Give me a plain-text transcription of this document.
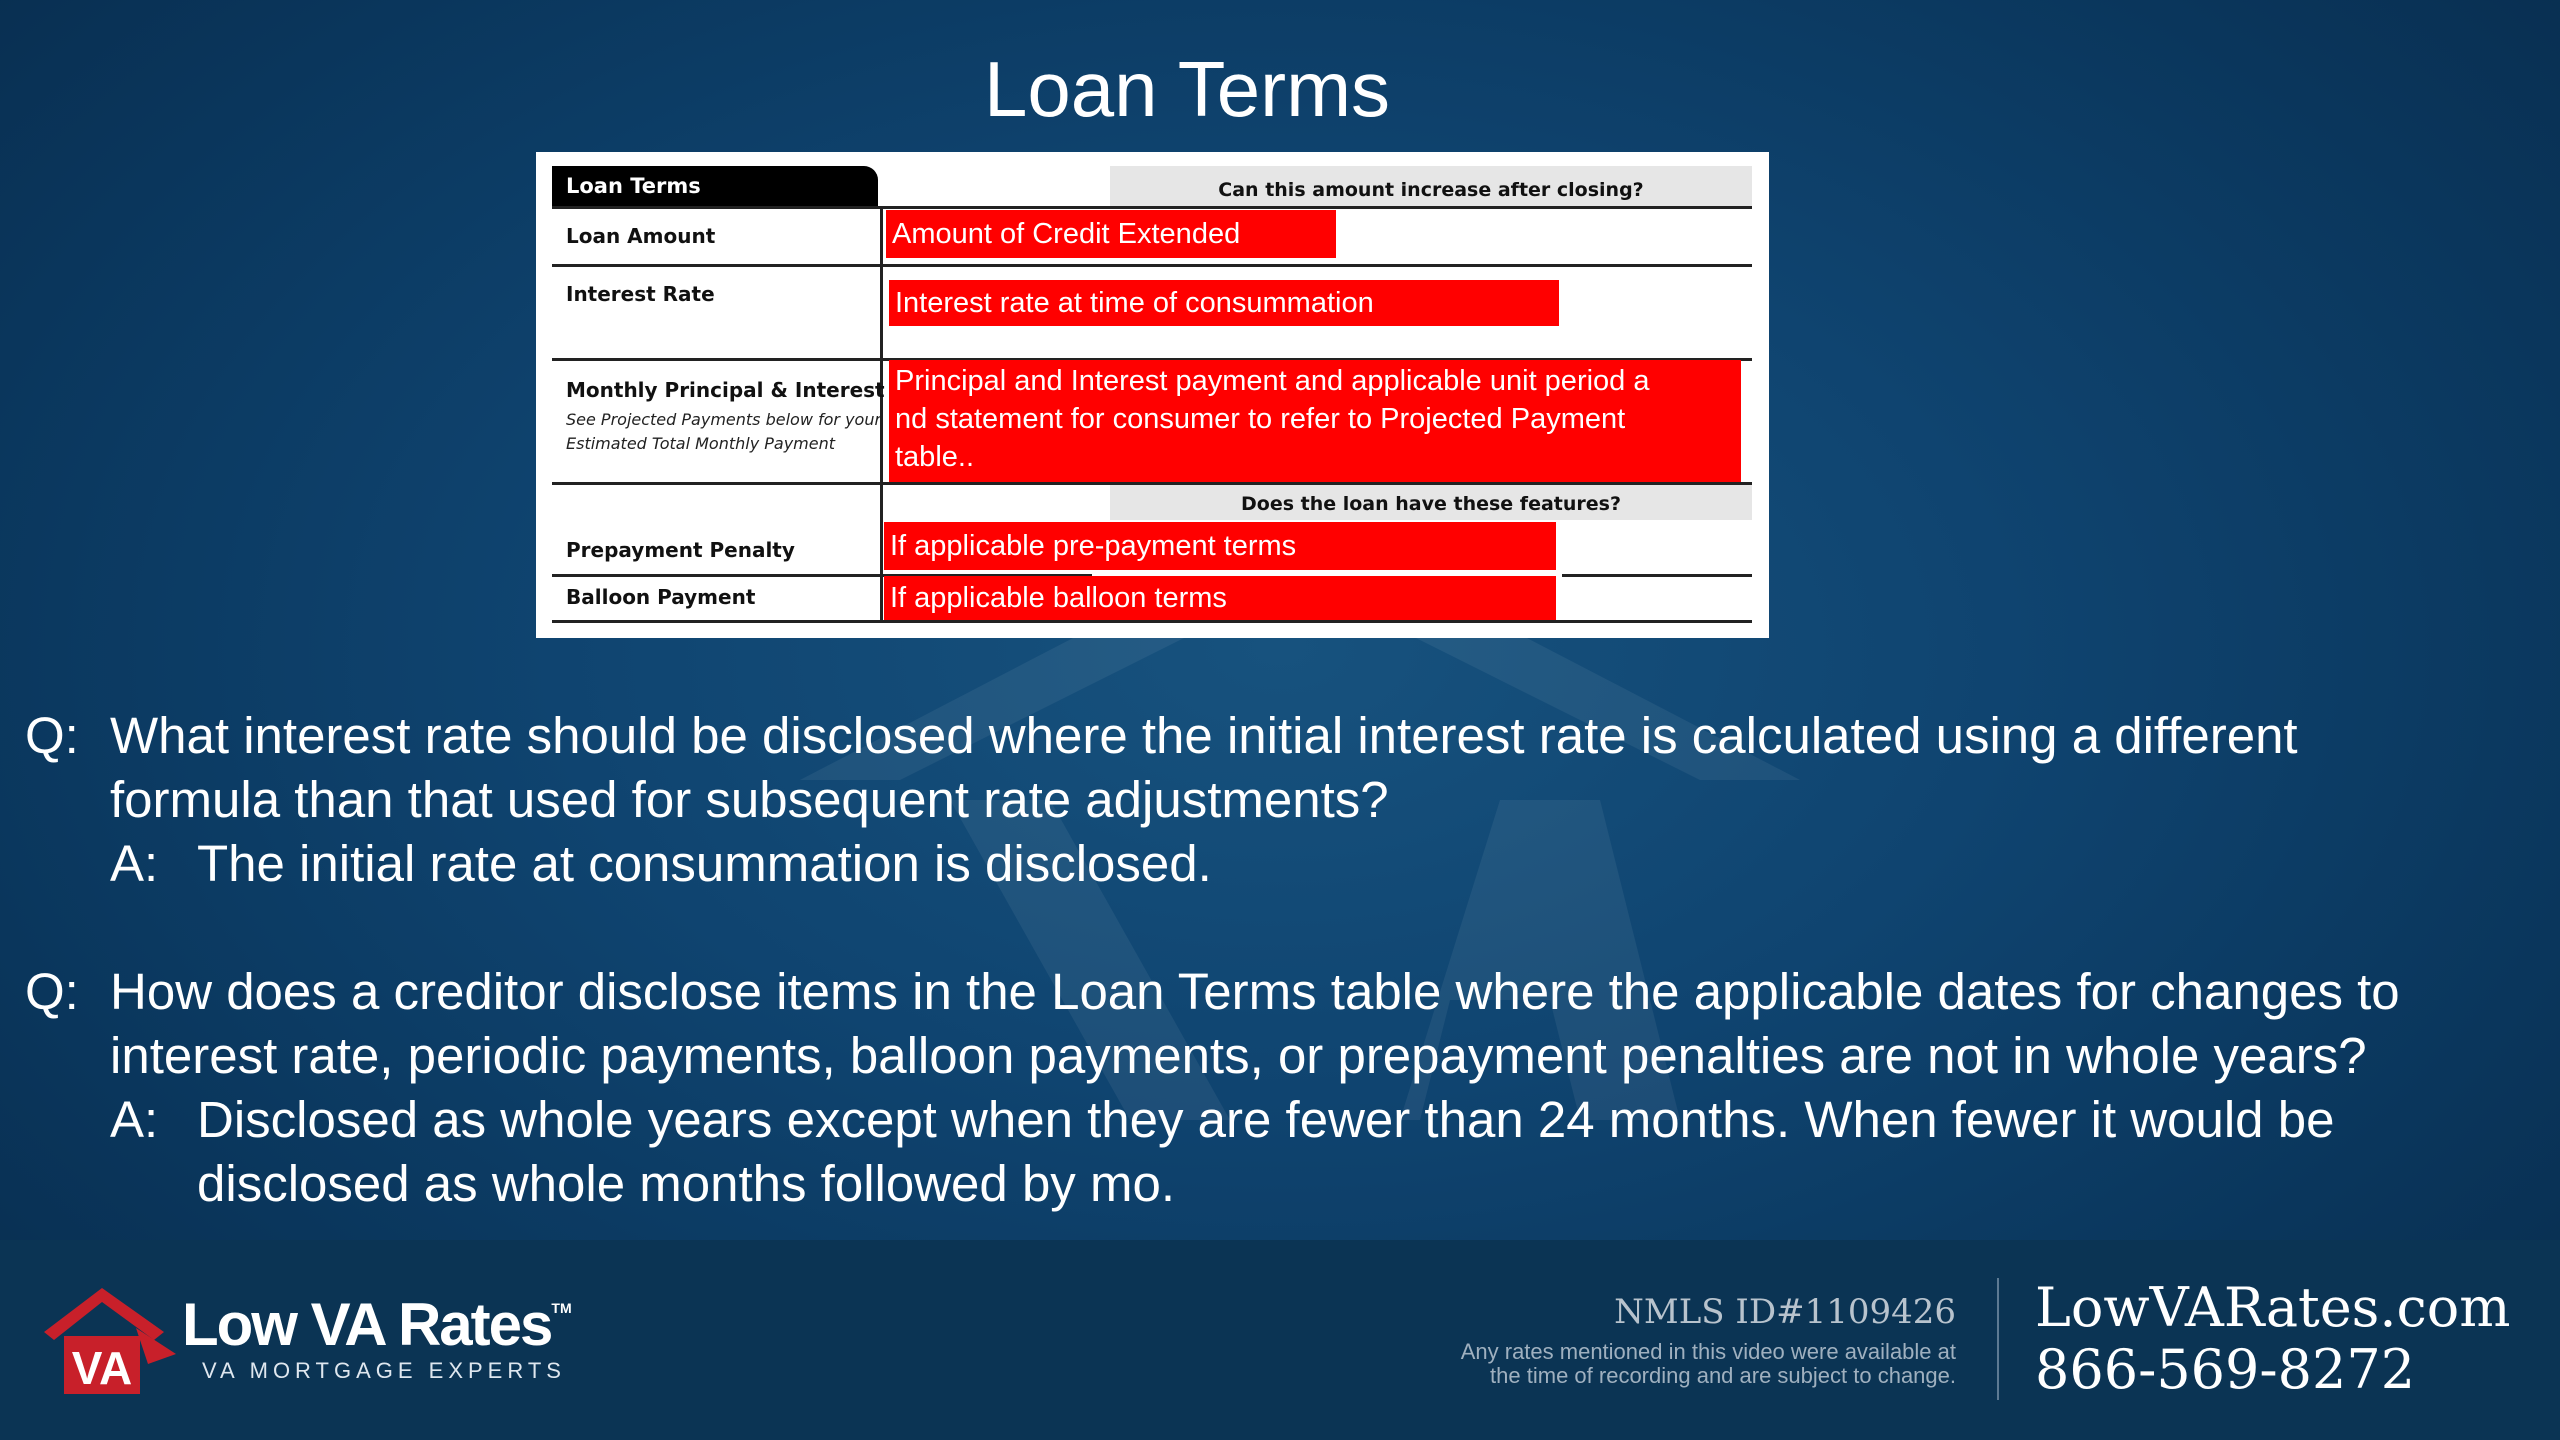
Loan Terms
Loan Terms	Can this amount increase after closing?
Does the loan have these features?
Loan Amount
Interest Rate
Monthly Principal & Interest
See Projected Payments below for your
Estimated Total Monthly Payment
Prepayment Penalty
Balloon Payment
Amount of Credit Extended
Interest rate at time of consummation
Principal and Interest payment and applicable unit period a
nd statement for consumer to refer to Projected Payment
table..
If applicable pre-payment terms
If applicable balloon terms
Q: What interest rate should be disclosed where the initial interest rate is calculated using a different
formula than that used for subsequent rate adjustments?
A: The initial rate at consummation is disclosed.
Q: How does a creditor disclose items in the Loan Terms table where the applicable dates for changes to
interest rate, periodic payments, balloon payments, or prepayment penalties are not in whole years?
A: Disclosed as whole years except when they are fewer than 24 months. When fewer it would be
disclosed as whole months followed by mo.
VA
Low VA Rates™
VA MORTGAGE EXPERTS
NMLS ID#1109426
Any rates mentioned in this video were available at
the time of recording and are subject to change.
LowVARates.com
866-569-8272
